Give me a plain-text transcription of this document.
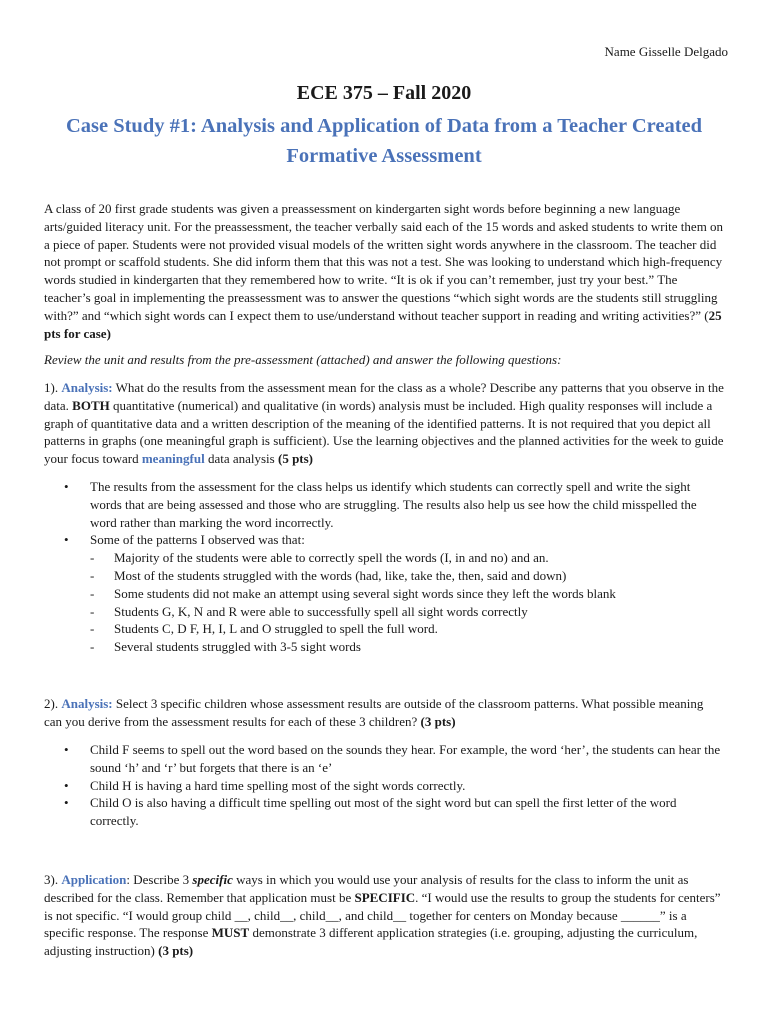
Name Gisselle Delgado
ECE 375 – Fall 2020
Case Study #1: Analysis and Application of Data from a Teacher Created Formative Assessment

A class of 20 first grade students was given a preassessment on kindergarten sight words before beginning a new language arts/guided literacy unit. For the preassessment, the teacher verbally said each of the 15 words and asked students to write them on a piece of paper. Students were not provided visual models of the written sight words anywhere in the classroom. The teacher did not prompt or scaffold students. She did inform them that this was not a test. She was looking to understand which high-frequency words studied in kindergarten that they remembered how to write. “It is ok if you can’t remember, just try your best.” The teacher’s goal in implementing the preassessment was to answer the questions “which sight words are the students still struggling with?” and “which sight words can I expect them to use/understand without teacher support in reading and writing activities?” (25 pts for case)

Review the unit and results from the pre-assessment (attached) and answer the following questions:

1). Analysis: What do the results from the assessment mean for the class as a whole? Describe any patterns that you observe in the data. BOTH quantitative (numerical) and qualitative (in words) analysis must be included. High quality responses will include a graph of quantitative data and a written description of the meaning of the identified patterns. It is not required that you depict all patterns in graphs (one meaningful graph is sufficient). Use the learning objectives and the planned activities for the week to guide your focus toward meaningful data analysis (5 pts)

• The results from the assessment for the class helps us identify which students can correctly spell and write the sight words that are being assessed and those who are struggling. The results also help us see how the child misspelled the word rather than marking the word incorrectly.
• Some of the patterns I observed was that:
- Majority of the students were able to correctly spell the words (I, in and no) and an.
- Most of the students struggled with the words (had, like, take the, then, said and down)
- Some students did not make an attempt using several sight words since they left the words blank
- Students G, K, N and R were able to successfully spell all sight words correctly
- Students C, D F, H, I, L and O struggled to spell the full word.
- Several students struggled with 3-5 sight words

2). Analysis: Select 3 specific children whose assessment results are outside of the classroom patterns. What possible meaning can you derive from the assessment results for each of these 3 children? (3 pts)

• Child F seems to spell out the word based on the sounds they hear. For example, the word ‘her’, the students can hear the sound ‘h’ and ‘r’ but forgets that there is an ‘e’
• Child H is having a hard time spelling most of the sight words correctly.
• Child O is also having a difficult time spelling out most of the sight word but can spell the first letter of the word correctly.

3). Application: Describe 3 specific ways in which you would use your analysis of results for the class to inform the unit as described for the class. Remember that application must be SPECIFIC. “I would use the results to group the students for centers” is not specific. “I would group child __, child__, child__, and child__ together for centers on Monday because ______” is a specific response. The response MUST demonstrate 3 different application strategies (i.e. grouping, adjusting the curriculum, adjusting instruction) (3 pts)
